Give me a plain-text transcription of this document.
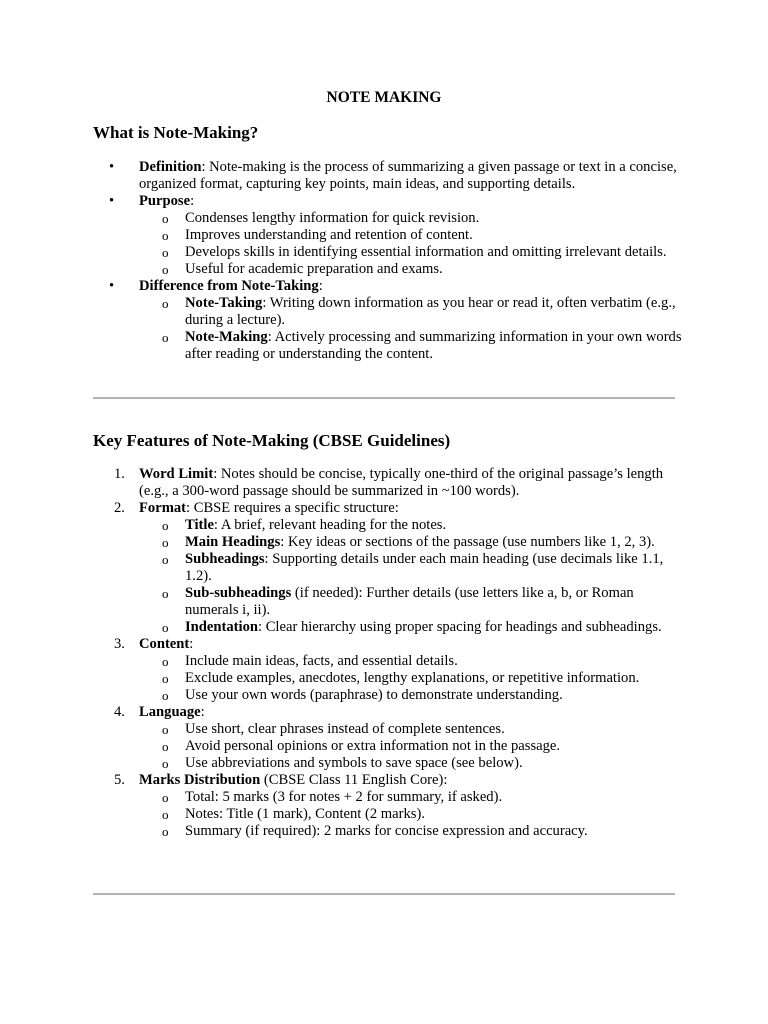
NOTE MAKING

What is Note-Making?
• Definition: Note-making is the process of summarizing a given passage or text in a concise, organized format, capturing key points, main ideas, and supporting details.
• Purpose:
o Condenses lengthy information for quick revision.
o Improves understanding and retention of content.
o Develops skills in identifying essential information and omitting irrelevant details.
o Useful for academic preparation and exams.
• Difference from Note-Taking:
o Note-Taking: Writing down information as you hear or read it, often verbatim (e.g., during a lecture).
o Note-Making: Actively processing and summarizing information in your own words after reading or understanding the content.
Key Features of Note-Making (CBSE Guidelines)
1. Word Limit: Notes should be concise, typically one-third of the original passage’s length (e.g., a 300-word passage should be summarized in ~100 words).
2. Format: CBSE requires a specific structure:
o Title: A brief, relevant heading for the notes.
o Main Headings: Key ideas or sections of the passage (use numbers like 1, 2, 3).
o Subheadings: Supporting details under each main heading (use decimals like 1.1, 1.2).
o Sub-subheadings (if needed): Further details (use letters like a, b, or Roman numerals i, ii).
o Indentation: Clear hierarchy using proper spacing for headings and subheadings.
3. Content:
o Include main ideas, facts, and essential details.
o Exclude examples, anecdotes, lengthy explanations, or repetitive information.
o Use your own words (paraphrase) to demonstrate understanding.
4. Language:
o Use short, clear phrases instead of complete sentences.
o Avoid personal opinions or extra information not in the passage.
o Use abbreviations and symbols to save space (see below).
5. Marks Distribution (CBSE Class 11 English Core):
o Total: 5 marks (3 for notes + 2 for summary, if asked).
o Notes: Title (1 mark), Content (2 marks).
o Summary (if required): 2 marks for concise expression and accuracy.
